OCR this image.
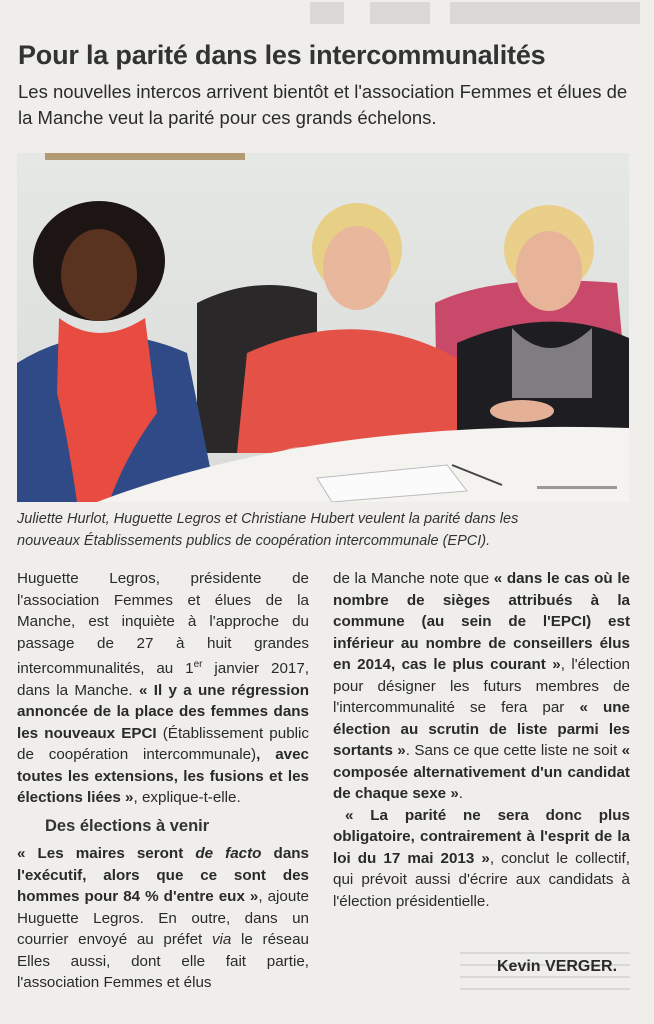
Pour la parité dans les intercommunalités

Les nouvelles intercos arrivent bientôt et l'association Femmes et élues de la Manche veut la parité pour ces grands échelons.

Juliette Hurlot, Huguette Legros et Christiane Hubert veulent la parité dans les
nouveaux Établissements publics de coopération intercommunale (EPCI).

Huguette Legros, présidente de l'association Femmes et élues de la Manche, est inquiète à l'approche du passage de 27 à huit grandes intercommunalités, au 1er janvier 2017, dans la Manche. « Il y a une régression annoncée de la place des femmes dans les nouveaux EPCI (Établissement public de coopération intercommunale), avec toutes les extensions, les fusions et les élections liées », explique-t-elle.

Des élections à venir

« Les maires seront de facto dans l'exécutif, alors que ce sont des hommes pour 84 % d'entre eux », ajoute Huguette Legros. En outre, dans un courrier envoyé au préfet via le réseau Elles aussi, dont elle fait partie, l'association Femmes et élus

de la Manche note que « dans le cas où le nombre de sièges attribués à la commune (au sein de l'EPCI) est inférieur au nombre de conseillers élus en 2014, cas le plus courant », l'élection pour désigner les futurs membres de l'intercommunalité se fera par « une élection au scrutin de liste parmi les sortants ». Sans ce que cette liste ne soit « composée alternativement d'un candidat de chaque sexe ».

« La parité ne sera donc plus obligatoire, contrairement à l'esprit de la loi du 17 mai 2013 », conclut le collectif, qui prévoit aussi d'écrire aux candidats à l'élection présidentielle.

Kevin VERGER.
